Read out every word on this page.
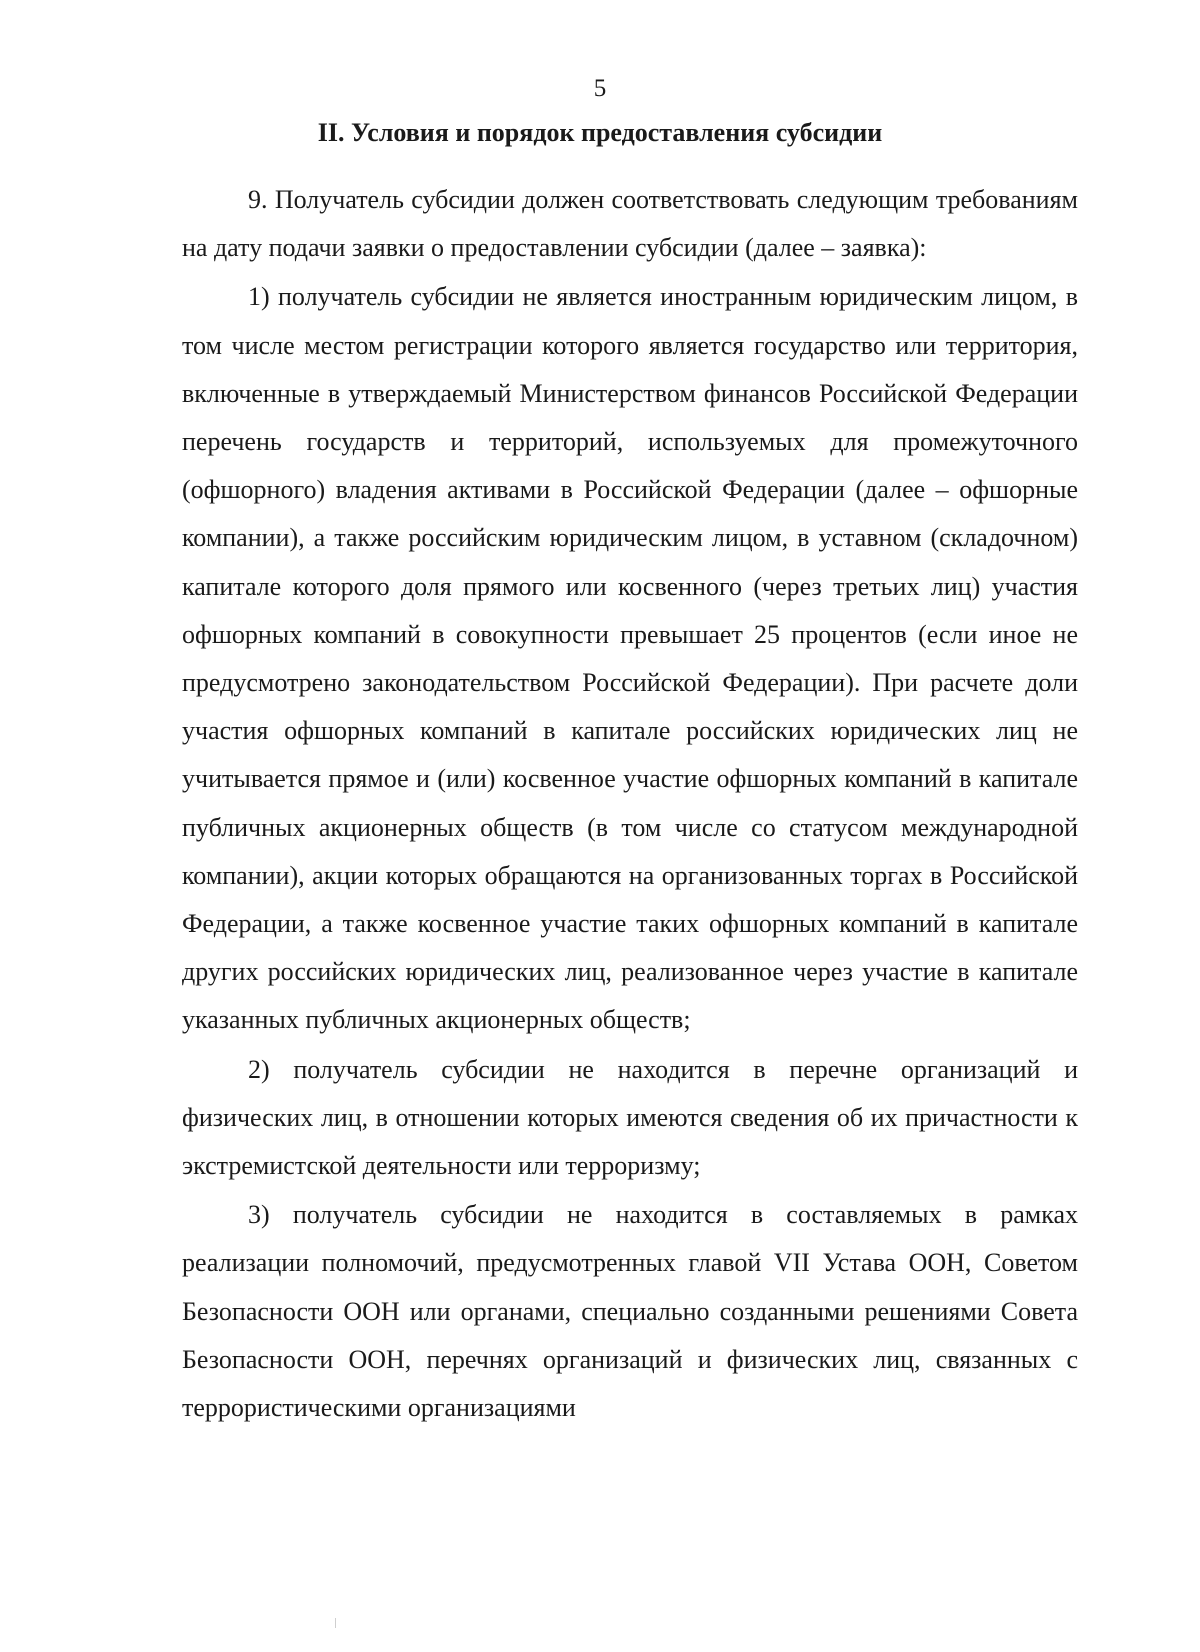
5
II. Условия и порядок предоставления субсидии

9. Получатель субсидии должен соответствовать следующим требованиям на дату подачи заявки о предоставлении субсидии (далее – заявка):

1) получатель субсидии не является иностранным юридическим лицом, в том числе местом регистрации которого является государство или территория, включенные в утверждаемый Министерством финансов Российской Федерации перечень государств и территорий, используемых для промежуточного (офшорного) владения активами в Российской Федерации (далее – офшорные компании), а также российским юридическим лицом, в уставном (складочном) капитале которого доля прямого или косвенного (через третьих лиц) участия офшорных компаний в совокупности превышает 25 процентов (если иное не предусмотрено законодательством Российской Федерации). При расчете доли участия офшорных компаний в капитале российских юридических лиц не учитывается прямое и (или) косвенное участие офшорных компаний в капитале публичных акционерных обществ (в том числе со статусом международной компании), акции которых обращаются на организованных торгах в Российской Федерации, а также косвенное участие таких офшорных компаний в капитале других российских юридических лиц, реализованное через участие в капитале указанных публичных акционерных обществ;

2) получатель субсидии не находится в перечне организаций и физических лиц, в отношении которых имеются сведения об их причастности к экстремистской деятельности или терроризму;

3) получатель субсидии не находится в составляемых в рамках реализации полномочий, предусмотренных главой VII Устава ООН, Советом Безопасности ООН или органами, специально созданными решениями Совета Безопасности ООН, перечнях организаций и физических лиц, связанных с террористическими организациями
